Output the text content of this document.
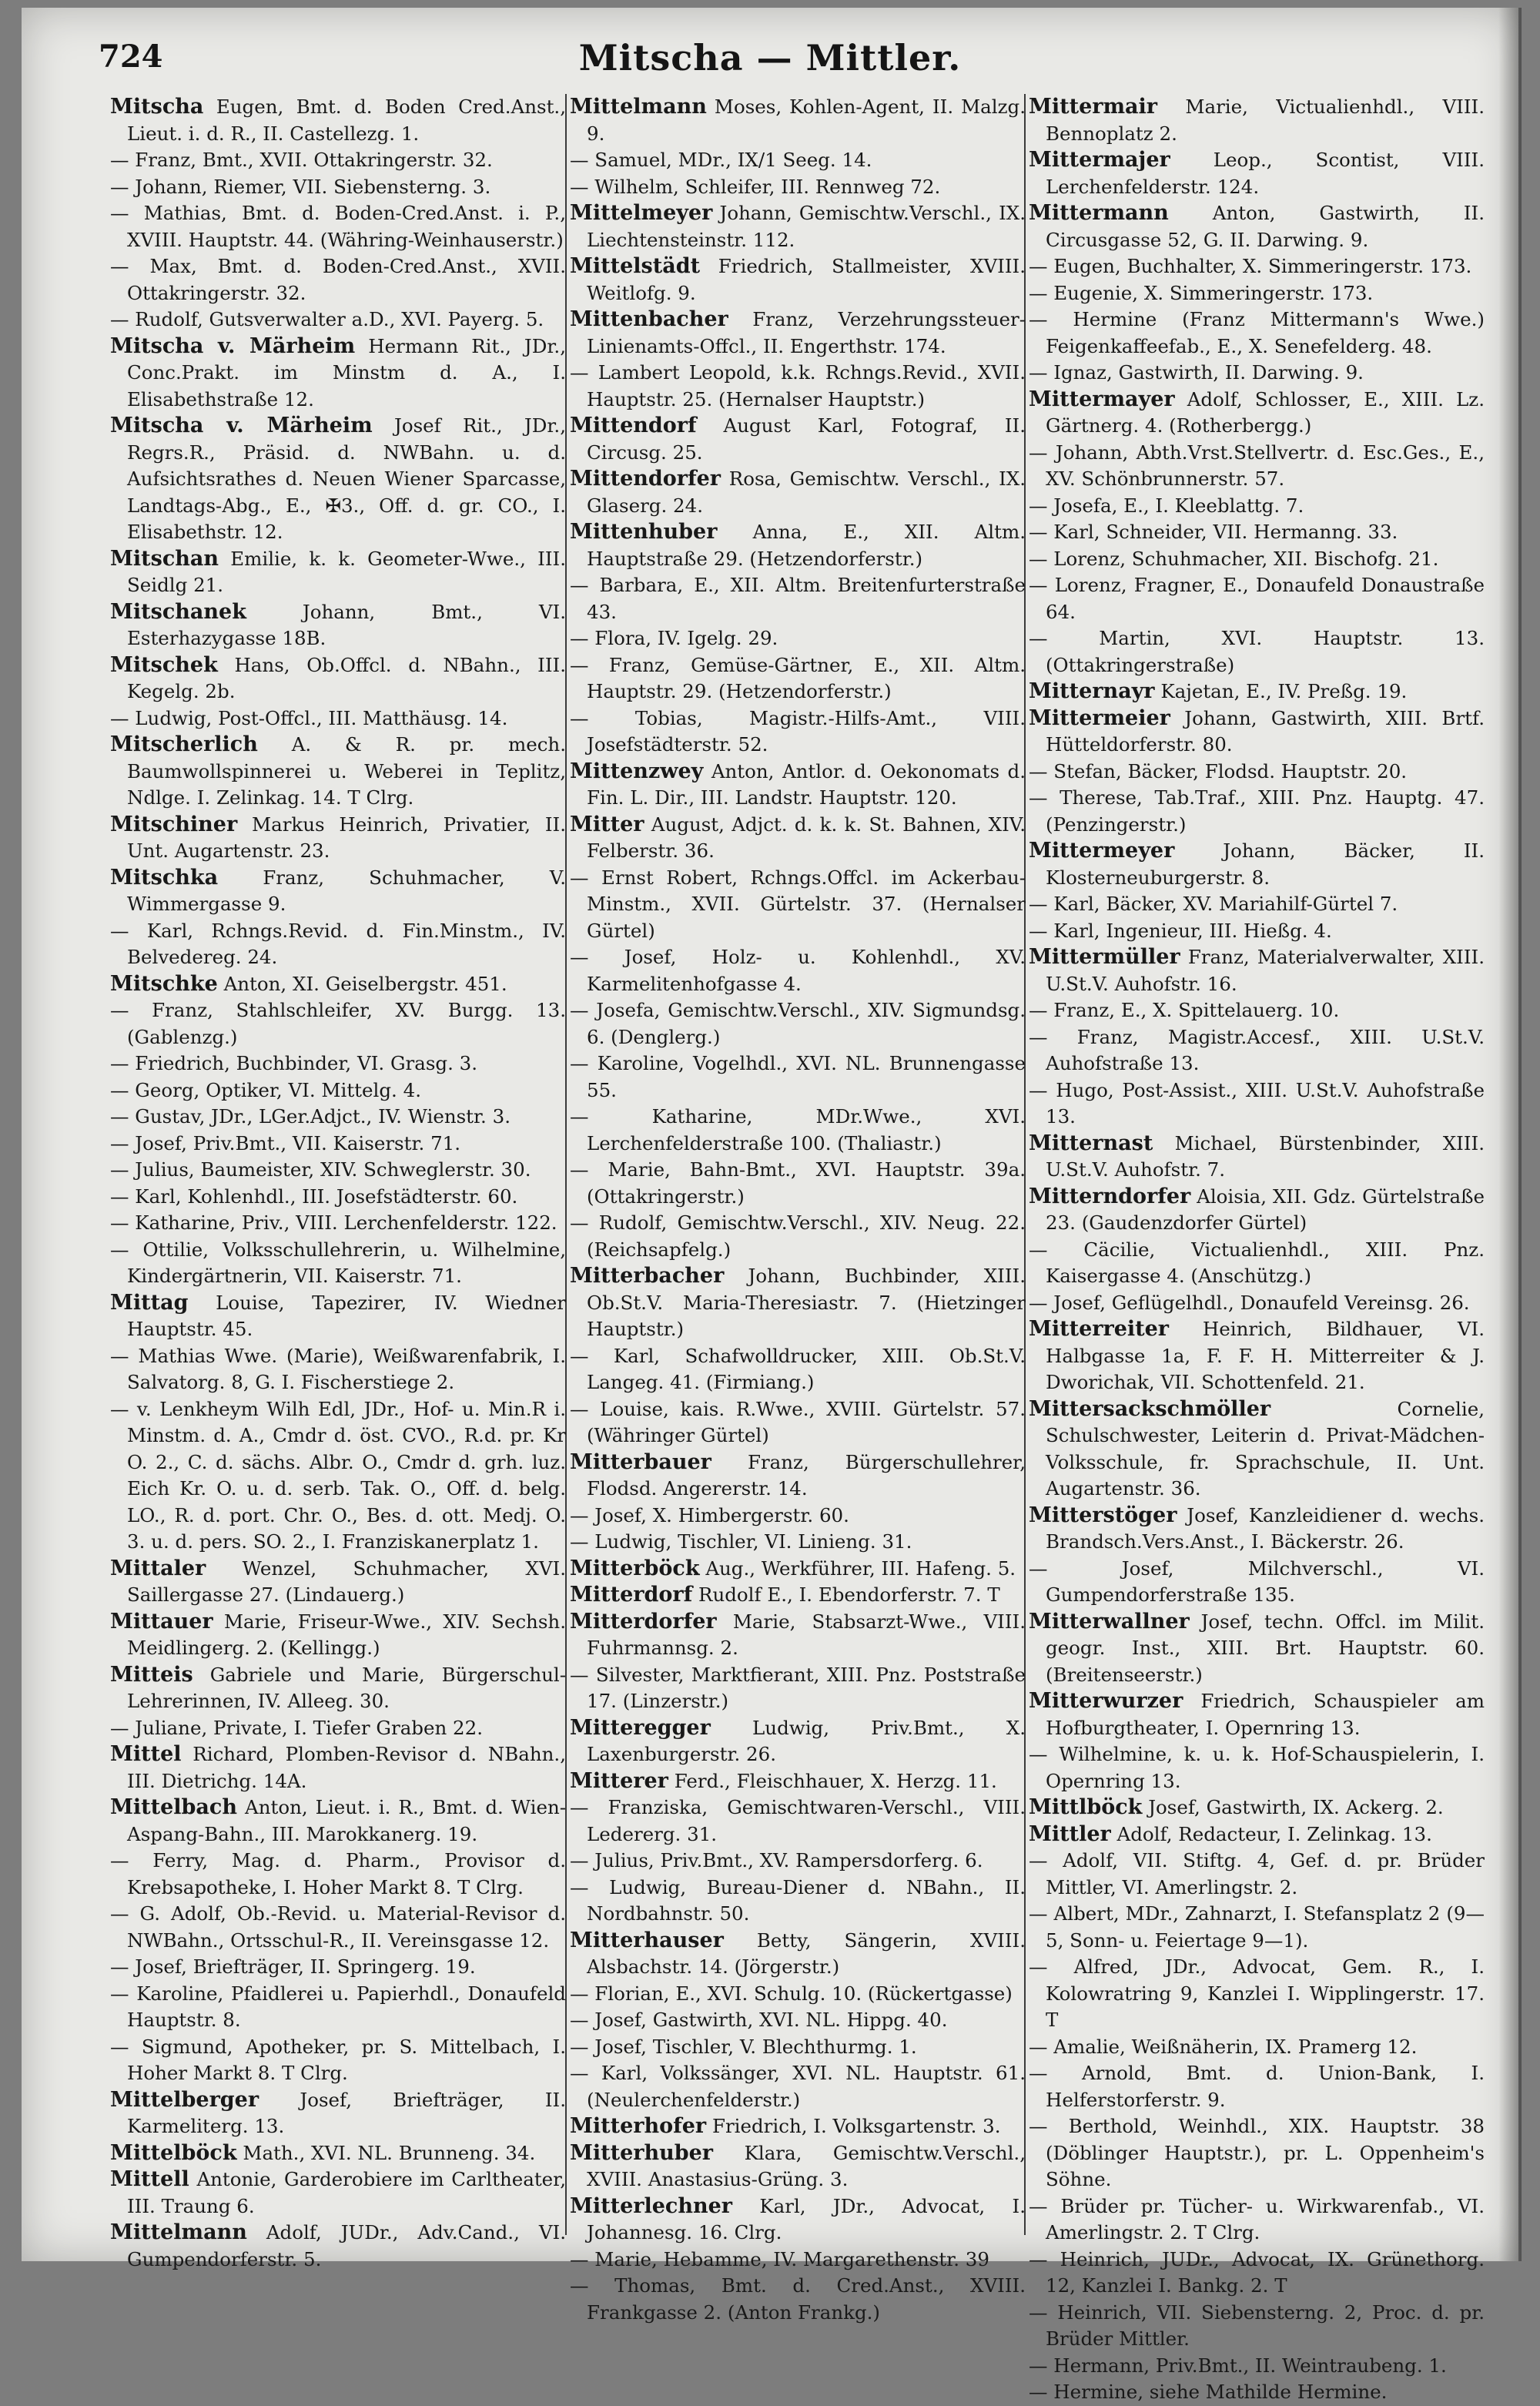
724	Mitscha — Mittler.

Mitscha Eugen, Bmt. d. Boden Cred.Anst., Lieut. i. d. R., II. Castellezg. 1.

— Franz, Bmt., XVII. Ottakringerstr. 32.

— Johann, Riemer, VII. Siebensterng. 3.

— Mathias, Bmt. d. Boden-Cred.Anst. i. P., XVIII. Hauptstr. 44. (Währing-Weinhauserstr.)

— Max, Bmt. d. Boden-Cred.Anst., XVII. Ottakringerstr. 32.

— Rudolf, Gutsverwalter a.D., XVI. Payerg. 5.

Mitscha v. Märheim Hermann Rit., JDr., Conc.Prakt. im Minstm d. A., I. Elisabethstraße 12.

Mitscha v. Märheim Josef Rit., JDr., Regrs.R., Präsid. d. NWBahn. u. d. Aufsichtsrathes d. Neuen Wiener Sparcasse, Landtags-Abg., E., ✠3., Off. d. gr. CO., I. Elisabethstr. 12.

Mitschan Emilie, k. k. Geometer-Wwe., III. Seidlg 21.

Mitschanek	Johann, Bmt., VI. Esterhazygasse 18B.

Mitschek Hans, Ob.Offcl. d. NBahn., III. Kegelg. 2b.

— Ludwig, Post-Offcl., III. Matthäusg. 14.

Mitscherlich A. & R. pr. mech. Baumwollspinnerei u. Weberei in Teplitz, Ndlge. I. Zelinkag. 14. T Clrg.

Mitschiner Markus Heinrich, Privatier, II. Unt. Augartenstr. 23.

Mitschka Franz, Schuhmacher, V. Wimmergasse 9.

— Karl, Rchngs.Revid. d. Fin.Minstm., IV. Belvedereg. 24.

Mitschke Anton, XI. Geiselbergstr. 451.

— Franz, Stahlschleifer, XV. Burgg. 13. (Gablenzg.)

— Friedrich, Buchbinder, VI. Grasg. 3.

— Georg, Optiker, VI. Mittelg. 4.

— Gustav, JDr., LGer.Adjct., IV. Wienstr. 3.

— Josef, Priv.Bmt., VII. Kaiserstr. 71.

— Julius, Baumeister, XIV. Schweglerstr. 30.

— Karl, Kohlenhdl., III. Josefstädterstr. 60.

— Katharine, Priv., VIII. Lerchenfelderstr. 122.

— Ottilie, Volksschullehrerin, u. Wilhelmine, Kindergärtnerin, VII. Kaiserstr. 71.

Mittag Louise, Tapezirer, IV. Wiedner Hauptstr. 45.

— Mathias Wwe. (Marie), Weißwarenfabrik, I. Salvatorg. 8, G. I. Fischerstiege 2.

— v. Lenkheym Wilh Edl, JDr., Hof- u. Min.R i. Minstm. d. A., Cmdr d. öst. CVO., R.d. pr. Kr O. 2., C. d. sächs. Albr. O., Cmdr d. grh. luz. Eich Kr. O. u. d. serb. Tak. O., Off. d. belg. LO., R. d. port. Chr. O., Bes. d. ott. Medj. O. 3. u. d. pers. SO. 2., I. Franziskanerplatz 1.

Mittaler Wenzel, Schuhmacher, XVI. Saillergasse 27. (Lindauerg.)

Mittauer Marie, Friseur-Wwe., XIV. Sechsh. Meidlingerg. 2. (Kellingg.)

Mitteis Gabriele und Marie, Bürgerschul-Lehrerinnen, IV. Alleeg. 30.

— Juliane, Private, I. Tiefer Graben 22.

Mittel Richard, Plomben-Revisor d. NBahn., III. Dietrichg. 14A.

Mittelbach Anton, Lieut. i. R., Bmt. d. Wien-Aspang-Bahn., III. Marokkanerg. 19.

— Ferry, Mag. d. Pharm., Provisor d. Krebsapotheke, I. Hoher Markt 8. T Clrg.

— G. Adolf, Ob.-Revid. u. Material-Revisor d. NWBahn., Ortsschul-R., II. Vereinsgasse 12.

— Josef, Briefträger, II. Springerg. 19.

— Karoline, Pfaidlerei u. Papierhdl., Donaufeld Hauptstr. 8.

— Sigmund, Apotheker, pr. S. Mittelbach, I. Hoher Markt 8. T Clrg.

Mittelberger Josef, Briefträger, II. Karmeliterg. 13.

Mittelböck Math., XVI. NL. Brunneng. 34.

Mittell Antonie, Garderobiere im Carltheater, III. Traung 6.

Mittelmann Adolf, JUDr., Adv.Cand., VI. Gumpendorferstr. 5.

Mittelmann Moses, Kohlen-Agent, II. Malzg. 9.

— Samuel, MDr., IX/1 Seeg. 14.

— Wilhelm, Schleifer, III. Rennweg 72.

Mittelmeyer Johann, Gemischtw.Verschl., IX. Liechtensteinstr. 112.

Mittelstädt Friedrich, Stallmeister, XVIII. Weitlofg. 9.

Mittenbacher Franz, Verzehrungssteuer-Linienamts-Offcl., II. Engerthstr. 174.

— Lambert Leopold, k.k. Rchngs.Revid., XVII. Hauptstr. 25. (Hernalser Hauptstr.)

Mittendorf August Karl, Fotograf, II. Circusg. 25.

Mittendorfer Rosa, Gemischtw. Verschl., IX. Glaserg. 24.

Mittenhuber Anna, E., XII. Altm. Hauptstraße 29. (Hetzendorferstr.)

— Barbara, E., XII. Altm. Breitenfurterstraße 43.

— Flora, IV. Igelg. 29.

— Franz, Gemüse-Gärtner, E., XII. Altm. Hauptstr. 29. (Hetzendorferstr.)

— Tobias, Magistr.-Hilfs-Amt., VIII. Josefstädterstr. 52.

Mittenzwey Anton, Antlor. d. Oekonomats d. Fin. L. Dir., III. Landstr. Hauptstr. 120.

Mitter August, Adjct. d. k. k. St. Bahnen, XIV. Felberstr. 36.

— Ernst Robert, Rchngs.Offcl. im Ackerbau-Minstm., XVII. Gürtelstr. 37. (Hernalser Gürtel)

— Josef, Holz- u. Kohlenhdl., XV. Karmelitenhofgasse 4.

— Josefa, Gemischtw.Verschl., XIV. Sigmundsg. 6. (Denglerg.)

— Karoline, Vogelhdl., XVI. NL. Brunnengasse 55.

— Katharine, MDr.Wwe., XVI. Lerchenfelderstraße 100. (Thaliastr.)

— Marie, Bahn-Bmt., XVI. Hauptstr. 39a. (Ottakringerstr.)

— Rudolf, Gemischtw.Verschl., XIV. Neug. 22. (Reichsapfelg.)

Mitterbacher Johann, Buchbinder, XIII. Ob.St.V. Maria-Theresiastr. 7. (Hietzinger Hauptstr.)

— Karl, Schafwolldrucker, XIII. Ob.St.V. Langeg. 41. (Firmiang.)

— Louise, kais. R.Wwe., XVIII. Gürtelstr. 57. (Währinger Gürtel)

Mitterbauer Franz, Bürgerschullehrer, Flodsd. Angererstr. 14.

— Josef, X. Himbergerstr. 60.

— Ludwig, Tischler, VI. Linieng. 31.

Mitterböck Aug., Werkführer, III. Hafeng. 5.

Mitterdorf Rudolf E., I. Ebendorferstr. 7. T

Mitterdorfer Marie, Stabsarzt-Wwe., VIII. Fuhrmannsg. 2.

— Silvester, Marktfierant, XIII. Pnz. Poststraße 17. (Linzerstr.)

Mitteregger Ludwig, Priv.Bmt., X. Laxenburgerstr. 26.

Mitterer Ferd., Fleischhauer, X. Herzg. 11.

— Franziska, Gemischtwaren-Verschl., VIII. Ledererg. 31.

— Julius, Priv.Bmt., XV. Rampersdorferg. 6.

— Ludwig, Bureau-Diener d. NBahn., II. Nordbahnstr. 50.

Mitterhauser Betty, Sängerin, XVIII. Alsbachstr. 14. (Jörgerstr.)

— Florian, E., XVI. Schulg. 10. (Rückertgasse)

— Josef, Gastwirth, XVI. NL. Hippg. 40.

— Josef, Tischler, V. Blechthurmg. 1.

— Karl, Volkssänger, XVI. NL. Hauptstr. 61. (Neulerchenfelderstr.)

Mitterhofer Friedrich, I. Volksgartenstr. 3.

Mitterhuber Klara, Gemischtw.Verschl., XVIII. Anastasius-Grüng. 3.

Mitterlechner Karl, JDr., Advocat, I. Johannesg. 16. Clrg.

— Marie, Hebamme, IV. Margarethenstr. 39

— Thomas, Bmt. d. Cred.Anst., XVIII. Frankgasse 2. (Anton Frankg.)

Mittermair Marie, Victualienhdl., VIII. Bennoplatz 2.

Mittermajer Leop., Scontist, VIII. Lerchenfelderstr. 124.

Mittermann Anton, Gastwirth, II. Circusgasse 52, G. II. Darwing. 9.

— Eugen, Buchhalter, X. Simmeringerstr. 173.

— Eugenie, X. Simmeringerstr. 173.

— Hermine (Franz Mittermann's Wwe.) Feigenkaffeefab., E., X. Senefelderg. 48.

— Ignaz, Gastwirth, II. Darwing. 9.

Mittermayer Adolf, Schlosser, E., XIII. Lz. Gärtnerg. 4. (Rotherbergg.)

— Johann, Abth.Vrst.Stellvertr. d. Esc.Ges., E., XV. Schönbrunnerstr. 57.

— Josefa, E., I. Kleeblattg. 7.

— Karl, Schneider, VII. Hermanng. 33.

— Lorenz, Schuhmacher, XII. Bischofg. 21.

— Lorenz, Fragner, E., Donaufeld Donaustraße 64.

— Martin, XVI. Hauptstr. 13. (Ottakringerstraße)

Mitternayr Kajetan, E., IV. Preßg. 19.

Mittermeier Johann, Gastwirth, XIII. Brtf. Hütteldorferstr. 80.

— Stefan, Bäcker, Flodsd. Hauptstr. 20.

— Therese, Tab.Traf., XIII. Pnz. Hauptg. 47. (Penzingerstr.)

Mittermeyer	Johann, Bäcker, II. Klosterneuburgerstr. 8.

— Karl, Bäcker, XV. Mariahilf-Gürtel 7.

— Karl, Ingenieur, III. Hießg. 4.

Mittermüller Franz, Materialverwalter, XIII. U.St.V. Auhofstr. 16.

— Franz, E., X. Spittelauerg. 10.

— Franz, Magistr.Accesf., XIII. U.St.V. Auhofstraße 13.

— Hugo, Post-Assist., XIII. U.St.V. Auhofstraße 13.

Mitternast Michael, Bürstenbinder, XIII. U.St.V. Auhofstr. 7.

Mitterndorfer Aloisia, XII. Gdz. Gürtelstraße 23. (Gaudenzdorfer Gürtel)

— Cäcilie, Victualienhdl., XIII. Pnz. Kaisergasse 4. (Anschützg.)

— Josef, Geflügelhdl., Donaufeld Vereinsg. 26.

Mitterreiter Heinrich, Bildhauer, VI. Halbgasse 1a, F. F. H. Mitterreiter & J. Dworichak, VII. Schottenfeld. 21.

Mittersackschmöller	Cornelie, Schulschwester, Leiterin d. Privat-Mädchen-Volksschule, fr. Sprachschule, II. Unt. Augartenstr. 36.

Mitterstöger Josef, Kanzleidiener d. wechs. Brandsch.Vers.Anst., I. Bäckerstr. 26.

— Josef, Milchverschl., VI. Gumpendorferstraße 135.

Mitterwallner Josef, techn. Offcl. im Milit. geogr. Inst., XIII. Brt. Hauptstr. 60. (Breitenseerstr.)

Mitterwurzer Friedrich, Schauspieler am Hofburgtheater, I. Opernring 13.

— Wilhelmine, k. u. k. Hof-Schauspielerin, I. Opernring 13.

Mittlböck Josef, Gastwirth, IX. Ackerg. 2.

Mittler Adolf, Redacteur, I. Zelinkag. 13.

— Adolf, VII. Stiftg. 4, Gef. d. pr. Brüder Mittler, VI. Amerlingstr. 2.

— Albert, MDr., Zahnarzt, I. Stefansplatz 2 (9—5, Sonn- u. Feiertage 9—1).

— Alfred, JDr., Advocat, Gem. R., I. Kolowratring 9, Kanzlei I. Wipplingerstr. 17. T

— Amalie, Weißnäherin, IX. Pramerg 12.

— Arnold, Bmt. d. Union-Bank, I. Helferstorferstr. 9.

— Berthold, Weinhdl., XIX. Hauptstr. 38 (Döblinger Hauptstr.), pr. L. Oppenheim's Söhne.

— Brüder pr. Tücher- u. Wirkwarenfab., VI. Amerlingstr. 2. T Clrg.

— Heinrich, JUDr., Advocat, IX. Grünethorg. 12, Kanzlei I. Bankg. 2. T

— Heinrich, VII. Siebensterng. 2, Proc. d. pr. Brüder Mittler.

— Hermann, Priv.Bmt., II. Weintraubeng. 1.

— Hermine, siehe Mathilde Hermine.
